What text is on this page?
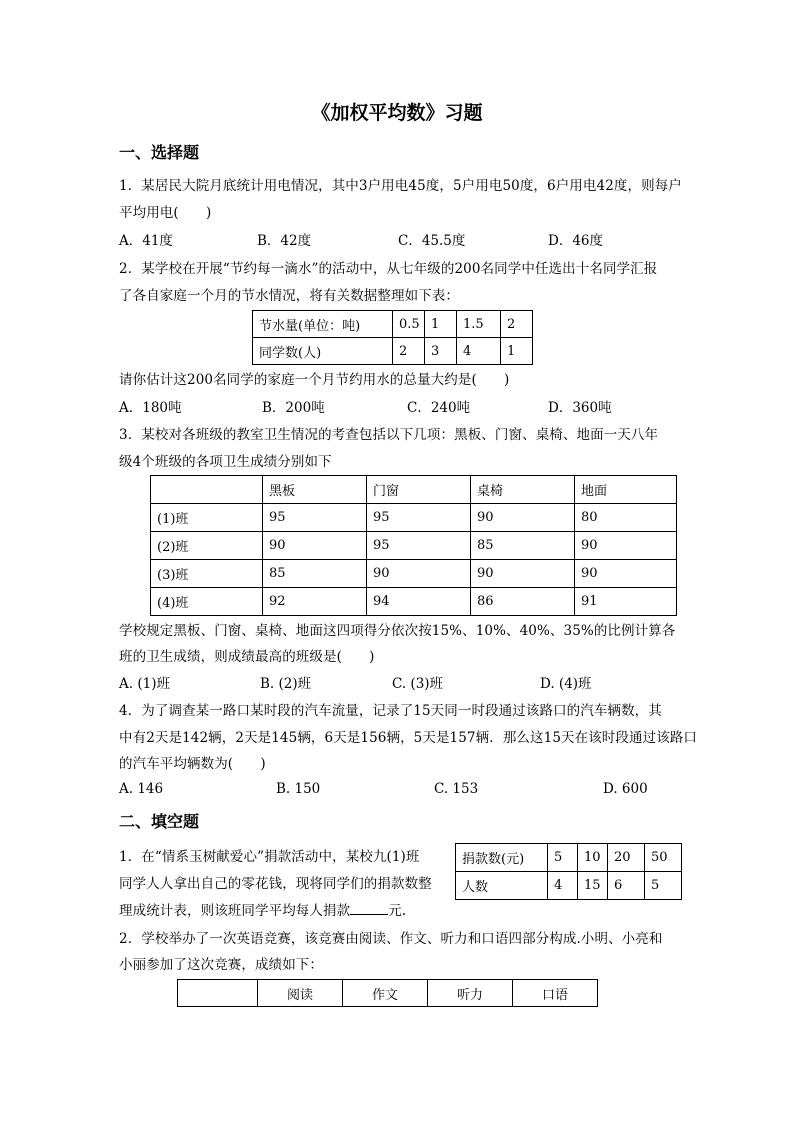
《加权平均数》习题
一、选择题
1．某居民大院月底统计用电情况，其中3户用电45度，5户用电50度，6户用电42度，则每户
平均用电(　　)
A．41度	B．42度	C．45.5度	D．46度
2．某学校在开展“节约每一滴水”的活动中，从七年级的200名同学中任选出十名同学汇报
了各自家庭一个月的节水情况，将有关数据整理如下表：
节水量(单位：吨)	0.5	1	1.5	2
同学数(人)	2	3	4	1
请你估计这200名同学的家庭一个月节约用水的总量大约是(　　)
A．180吨	B．200吨	C．240吨	D．360吨
3．某校对各班级的教室卫生情况的考查包括以下几项：黑板、门窗、桌椅、地面一天八年
级4个班级的各项卫生成绩分别如下
	黑板	门窗	桌椅	地面
(1)班	95	95	90	80
(2)班	90	95	85	90
(3)班	85	90	90	90
(4)班	92	94	86	91
学校规定黑板、门窗、桌椅、地面这四项得分依次按15%、10%、40%、35%的比例计算各
班的卫生成绩，则成绩最高的班级是(　　)
A. (1)班	B. (2)班	C. (3)班	D. (4)班
4．为了调查某一路口某时段的汽车流量，记录了15天同一时段通过该路口的汽车辆数，其
中有2天是142辆，2天是145辆，6天是156辆，5天是157辆．那么这15天在该时段通过该路口
的汽车平均辆数为(　　)
A. 146	B. 150	C. 153	D. 600
二、填空题
1．在“情系玉树献爱心”捐款活动中，某校九(1)班
同学人人拿出自己的零花钱，现将同学们的捐款数整
理成统计表，则该班同学平均每人捐款	元.
捐款数(元)	5	10	20	50
人数	4	15	6	5
2．学校举办了一次英语竞赛，该竞赛由阅读、作文、听力和口语四部分构成.小明、小亮和
小丽参加了这次竞赛，成绩如下：
	阅读	作文	听力	口语
